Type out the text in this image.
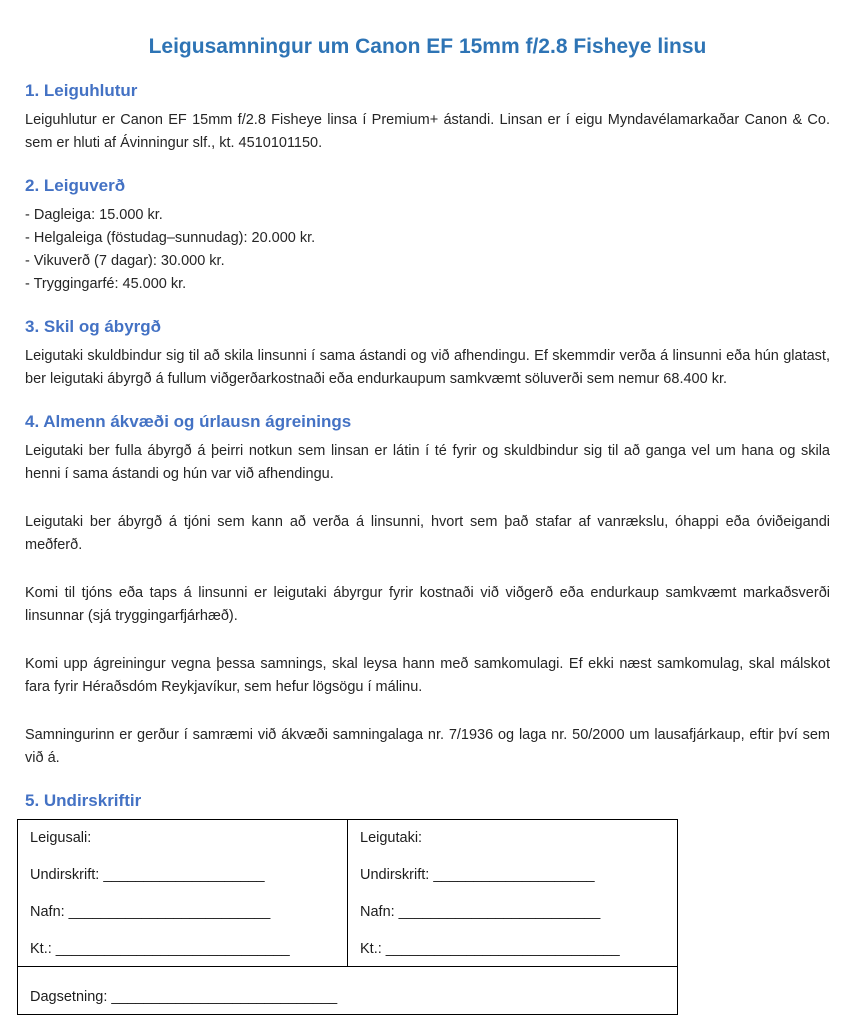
Leigusamningur um Canon EF 15mm f/2.8 Fisheye linsu
1. Leiguhlutur

Leiguhlutur er Canon EF 15mm f/2.8 Fisheye linsa í Premium+ ástandi. Linsan er í eigu Myndavélamarkaðar Canon & Co. sem er hluti af Ávinningur slf., kt. 4510101150.

2. Leiguverð

- Dagleiga: 15.000 kr.

- Helgaleiga (föstudag–sunnudag): 20.000 kr.

- Vikuverð (7 dagar): 30.000 kr.

- Tryggingarfé: 45.000 kr.

3. Skil og ábyrgð

Leigutaki skuldbindur sig til að skila linsunni í sama ástandi og við afhendingu. Ef skemmdir verða á linsunni eða hún glatast, ber leigutaki ábyrgð á fullum viðgerðarkostnaði eða endurkaupum samkvæmt söluverði sem nemur 68.400 kr.

4. Almenn ákvæði og úrlausn ágreinings

Leigutaki ber fulla ábyrgð á þeirri notkun sem linsan er látin í té fyrir og skuldbindur sig til að ganga vel um hana og skila henni í sama ástandi og hún var við afhendingu.

Leigutaki ber ábyrgð á tjóni sem kann að verða á linsunni, hvort sem það stafar af vanrækslu, óhappi eða óviðeigandi meðferð.

Komi til tjóns eða taps á linsunni er leigutaki ábyrgur fyrir kostnaði við viðgerð eða endurkaup samkvæmt markaðsverði linsunnar (sjá tryggingarfjárhæð).

Komi upp ágreiningur vegna þessa samnings, skal leysa hann með samkomulagi. Ef ekki næst samkomulag, skal málskot fara fyrir Héraðsdóm Reykjavíkur, sem hefur lögsögu í málinu.

Samningurinn er gerður í samræmi við ákvæði samningalaga nr. 7/1936 og laga nr. 50/2000 um lausafjárkaup, eftir því sem við á.

5. Undirskriftir

Leigusali:

Undirskrift: ____________________

Nafn: _________________________

Kt.: _____________________________

Leigutaki:

Undirskrift: ____________________

Nafn: _________________________

Kt.: _____________________________

Dagsetning: ____________________________
